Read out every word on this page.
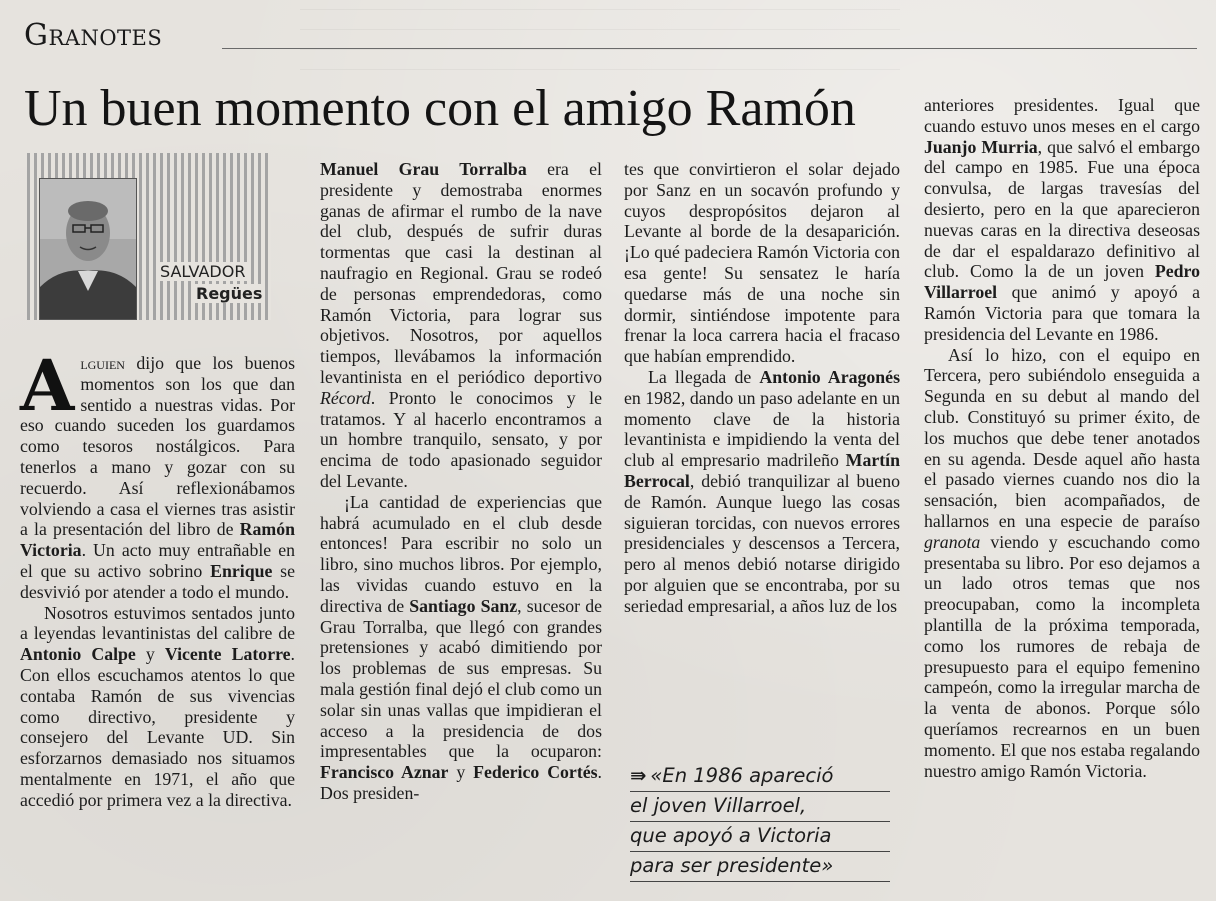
Granotes
Un buen momento con el amigo Ramón
SALVADOR
Regües

Alguien dijo que los buenos momentos son los que dan sentido a nuestras vidas. Por eso cuando suceden los guardamos como tesoros nostálgicos. Para tenerlos a mano y gozar con su recuerdo. Así reflexionábamos volviendo a casa el viernes tras asistir a la presentación del libro de Ramón Victoria. Un acto muy entrañable en el que su activo sobrino Enrique se desvivió por atender a todo el mundo.

Nosotros estuvimos sentados junto a leyendas levantinistas del calibre de Antonio Calpe y Vicente Latorre. Con ellos escuchamos atentos lo que contaba Ramón de sus vivencias como directivo, presidente y consejero del Levante UD. Sin esforzarnos demasiado nos situamos mentalmente en 1971, el año que accedió por primera vez a la directiva.

Manuel Grau Torralba era el presidente y demostraba enormes ganas de afirmar el rumbo de la nave del club, después de sufrir duras tormentas que casi la destinan al naufragio en Regional. Grau se rodeó de personas emprendedoras, como Ramón Victoria, para lograr sus objetivos. Nosotros, por aquellos tiempos, llevábamos la información levantinista en el periódico deportivo Récord. Pronto le conocimos y le tratamos. Y al hacerlo encontramos a un hombre tranquilo, sensato, y por encima de todo apasionado seguidor del Levante.

¡La cantidad de experiencias que habrá acumulado en el club desde entonces! Para escribir no solo un libro, sino muchos libros. Por ejemplo, las vividas cuando estuvo en la directiva de Santiago Sanz, sucesor de Grau Torralba, que llegó con grandes pretensiones y acabó dimitiendo por los problemas de sus empresas. Su mala gestión final dejó el club como un solar sin unas vallas que impidieran el acceso a la presidencia de dos impresentables que la ocuparon: Francisco Aznar y Federico Cortés. Dos presiden-

tes que convirtieron el solar dejado por Sanz en un socavón profundo y cuyos despropósitos dejaron al Levante al borde de la desaparición. ¡Lo qué padeciera Ramón Victoria con esa gente! Su sensatez le haría quedarse más de una noche sin dormir, sintiéndose impotente para frenar la loca carrera hacia el fracaso que habían emprendido.

La llegada de Antonio Aragonés en 1982, dando un paso adelante en un momento clave de la historia levantinista e impidiendo la venta del club al empresario madrileño Martín Berrocal, debió tranquilizar al bueno de Ramón. Aunque luego las cosas siguieran torcidas, con nuevos errores presidenciales y descensos a Tercera, pero al menos debió notarse dirigido por alguien que se encontraba, por su seriedad empresarial, a años luz de los

⇛ «En 1986 apareció
el joven Villarroel,
que apoyó a Victoria
para ser presidente»

anteriores presidentes. Igual que cuando estuvo unos meses en el cargo Juanjo Murria, que salvó el embargo del campo en 1985. Fue una época convulsa, de largas travesías del desierto, pero en la que aparecieron nuevas caras en la directiva deseosas de dar el espaldarazo definitivo al club. Como la de un joven Pedro Villarroel que animó y apoyó a Ramón Victoria para que tomara la presidencia del Levante en 1986.

Así lo hizo, con el equipo en Tercera, pero subiéndolo enseguida a Segunda en su debut al mando del club. Constituyó su primer éxito, de los muchos que debe tener anotados en su agenda. Desde aquel año hasta el pasado viernes cuando nos dio la sensación, bien acompañados, de hallarnos en una especie de paraíso granota viendo y escuchando como presentaba su libro. Por eso dejamos a un lado otros temas que nos preocupaban, como la incompleta plantilla de la próxima temporada, como los rumores de rebaja de presupuesto para el equipo femenino campeón, como la irregular marcha de la venta de abonos. Porque sólo queríamos recrearnos en un buen momento. El que nos estaba regalando nuestro amigo Ramón Victoria.
